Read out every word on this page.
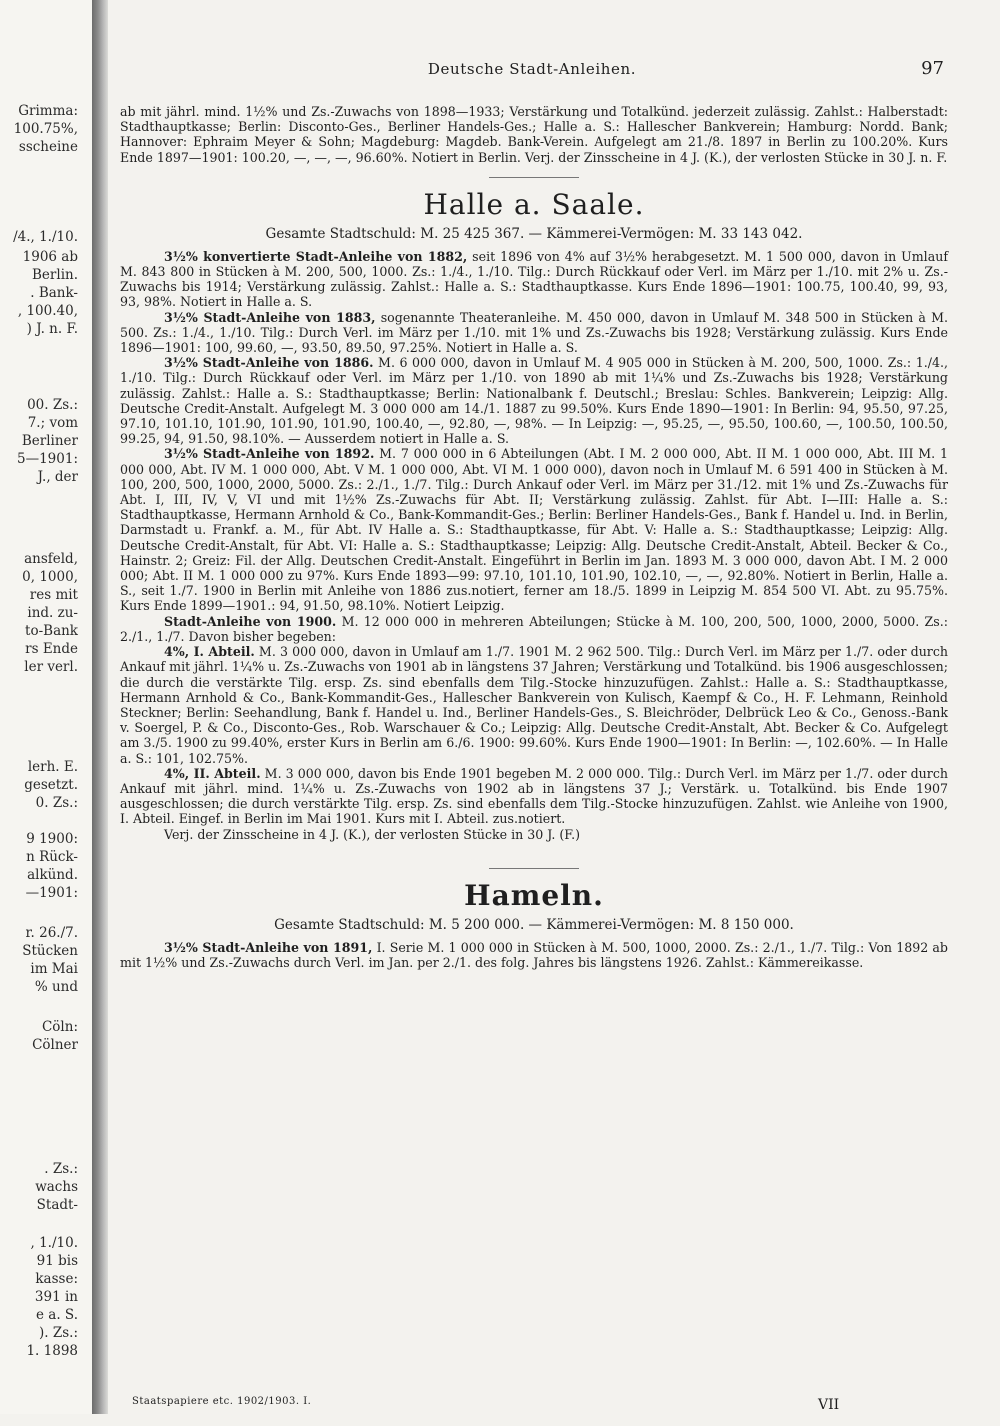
Grimma:
100.75%,
sscheine
/4., 1./10.
1906 ab
Berlin.
. Bank-
, 100.40,
) J. n. F.
00. Zs.:
7.; vom
Berliner
5—1901:
J., der
ansfeld,
0, 1000,
res mit
ind. zu-
to-Bank
rs Ende
ler verl.
lerh. E.
gesetzt.
0. Zs.:
9 1900:
n Rück-
alkünd.
—1901:
r. 26./7.
Stücken
im Mai
% und
Cöln:
Cölner
. Zs.:
wachs
Stadt-
, 1./10.
91 bis
kasse:
391 in
e a. S.
). Zs.:
1. 1898
Deutsche Stadt-Anleihen.	97

ab mit jährl. mind. 1½% und Zs.-Zuwachs von 1898—1933; Verstärkung und Totalkünd. jederzeit zulässig. Zahlst.: Halberstadt: Stadthauptkasse; Berlin: Disconto-Ges., Berliner Handels-Ges.; Halle a. S.: Hallescher Bankverein; Hamburg: Nordd. Bank; Hannover: Ephraim Meyer & Sohn; Magdeburg: Magdeb. Bank-Verein. Aufgelegt am 21./8. 1897 in Berlin zu 100.20%. Kurs Ende 1897—1901: 100.20, —, —, —, 96.60%. Notiert in Berlin. Verj. der Zinsscheine in 4 J. (K.), der verlosten Stücke in 30 J. n. F.

Halle a. Saale.
Gesamte Stadtschuld: M. 25 425 367. — Kämmerei-Vermögen: M. 33 143 042.

3½% konvertierte Stadt-Anleihe von 1882, seit 1896 von 4% auf 3½% herabgesetzt. M. 1 500 000, davon in Umlauf M. 843 800 in Stücken à M. 200, 500, 1000. Zs.: 1./4., 1./10. Tilg.: Durch Rückkauf oder Verl. im März per 1./10. mit 2% u. Zs.-Zuwachs bis 1914; Verstärkung zulässig. Zahlst.: Halle a. S.: Stadthauptkasse. Kurs Ende 1896—1901: 100.75, 100.40, 99, 93, 93, 98%. Notiert in Halle a. S.

3½% Stadt-Anleihe von 1883, sogenannte Theateranleihe. M. 450 000, davon in Umlauf M. 348 500 in Stücken à M. 500. Zs.: 1./4., 1./10. Tilg.: Durch Verl. im März per 1./10. mit 1% und Zs.-Zuwachs bis 1928; Verstärkung zulässig. Kurs Ende 1896—1901: 100, 99.60, —, 93.50, 89.50, 97.25%. Notiert in Halle a. S.

3½% Stadt-Anleihe von 1886. M. 6 000 000, davon in Umlauf M. 4 905 000 in Stücken à M. 200, 500, 1000. Zs.: 1./4., 1./10. Tilg.: Durch Rückkauf oder Verl. im März per 1./10. von 1890 ab mit 1¼% und Zs.-Zuwachs bis 1928; Verstärkung zulässig. Zahlst.: Halle a. S.: Stadthauptkasse; Berlin: Nationalbank f. Deutschl.; Breslau: Schles. Bankverein; Leipzig: Allg. Deutsche Credit-Anstalt. Aufgelegt M. 3 000 000 am 14./1. 1887 zu 99.50%. Kurs Ende 1890—1901: In Berlin: 94, 95.50, 97.25, 97.10, 101.10, 101.90, 101.90, 101.90, 100.40, —, 92.80, —, 98%. — In Leipzig: —, 95.25, —, 95.50, 100.60, —, 100.50, 100.50, 99.25, 94, 91.50, 98.10%. — Ausserdem notiert in Halle a. S.

3½% Stadt-Anleihe von 1892. M. 7 000 000 in 6 Abteilungen (Abt. I M. 2 000 000, Abt. II M. 1 000 000, Abt. III M. 1 000 000, Abt. IV M. 1 000 000, Abt. V M. 1 000 000, Abt. VI M. 1 000 000), davon noch in Umlauf M. 6 591 400 in Stücken à M. 100, 200, 500, 1000, 2000, 5000. Zs.: 2./1., 1./7. Tilg.: Durch Ankauf oder Verl. im März per 31./12. mit 1% und Zs.-Zuwachs für Abt. I, III, IV, V, VI und mit 1½% Zs.-Zuwachs für Abt. II; Verstärkung zulässig. Zahlst. für Abt. I—III: Halle a. S.: Stadthauptkasse, Hermann Arnhold & Co., Bank-Kommandit-Ges.; Berlin: Berliner Handels-Ges., Bank f. Handel u. Ind. in Berlin, Darmstadt u. Frankf. a. M., für Abt. IV Halle a. S.: Stadthauptkasse, für Abt. V: Halle a. S.: Stadthauptkasse; Leipzig: Allg. Deutsche Credit-Anstalt, für Abt. VI: Halle a. S.: Stadthauptkasse; Leipzig: Allg. Deutsche Credit-Anstalt, Abteil. Becker & Co., Hainstr. 2; Greiz: Fil. der Allg. Deutschen Credit-Anstalt. Eingeführt in Berlin im Jan. 1893 M. 3 000 000, davon Abt. I M. 2 000 000; Abt. II M. 1 000 000 zu 97%. Kurs Ende 1893—99: 97.10, 101.10, 101.90, 102.10, —, —, 92.80%. Notiert in Berlin, Halle a. S., seit 1./7. 1900 in Berlin mit Anleihe von 1886 zus.notiert, ferner am 18./5. 1899 in Leipzig M. 854 500 VI. Abt. zu 95.75%. Kurs Ende 1899—1901.: 94, 91.50, 98.10%. Notiert Leipzig.

Stadt-Anleihe von 1900. M. 12 000 000 in mehreren Abteilungen; Stücke à M. 100, 200, 500, 1000, 2000, 5000. Zs.: 2./1., 1./7. Davon bisher begeben:

4%, I. Abteil. M. 3 000 000, davon in Umlauf am 1./7. 1901 M. 2 962 500. Tilg.: Durch Verl. im März per 1./7. oder durch Ankauf mit jährl. 1¼% u. Zs.-Zuwachs von 1901 ab in längstens 37 Jahren; Verstärkung und Totalkünd. bis 1906 ausgeschlossen; die durch die verstärkte Tilg. ersp. Zs. sind ebenfalls dem Tilg.-Stocke hinzuzufügen. Zahlst.: Halle a. S.: Stadthauptkasse, Hermann Arnhold & Co., Bank-Kommandit-Ges., Hallescher Bankverein von Kulisch, Kaempf & Co., H. F. Lehmann, Reinhold Steckner; Berlin: Seehandlung, Bank f. Handel u. Ind., Berliner Handels-Ges., S. Bleichröder, Delbrück Leo & Co., Genoss.-Bank v. Soergel, P. & Co., Disconto-Ges., Rob. Warschauer & Co.; Leipzig: Allg. Deutsche Credit-Anstalt, Abt. Becker & Co. Aufgelegt am 3./5. 1900 zu 99.40%, erster Kurs in Berlin am 6./6. 1900: 99.60%. Kurs Ende 1900—1901: In Berlin: —, 102.60%. — In Halle a. S.: 101, 102.75%.

4%, II. Abteil. M. 3 000 000, davon bis Ende 1901 begeben M. 2 000 000. Tilg.: Durch Verl. im März per 1./7. oder durch Ankauf mit jährl. mind. 1¼% u. Zs.-Zuwachs von 1902 ab in längstens 37 J.; Verstärk. u. Totalkünd. bis Ende 1907 ausgeschlossen; die durch verstärkte Tilg. ersp. Zs. sind ebenfalls dem Tilg.-Stocke hinzuzufügen. Zahlst. wie Anleihe von 1900, I. Abteil. Eingef. in Berlin im Mai 1901. Kurs mit I. Abteil. zus.notiert.

Verj. der Zinsscheine in 4 J. (K.), der verlosten Stücke in 30 J. (F.)

Hameln.
Gesamte Stadtschuld: M. 5 200 000. — Kämmerei-Vermögen: M. 8 150 000.

3½% Stadt-Anleihe von 1891, I. Serie M. 1 000 000 in Stücken à M. 500, 1000, 2000. Zs.: 2./1., 1./7. Tilg.: Von 1892 ab mit 1½% und Zs.-Zuwachs durch Verl. im Jan. per 2./1. des folg. Jahres bis längstens 1926. Zahlst.: Kämmereikasse.

Staatspapiere etc. 1902/1903. I.	VII
